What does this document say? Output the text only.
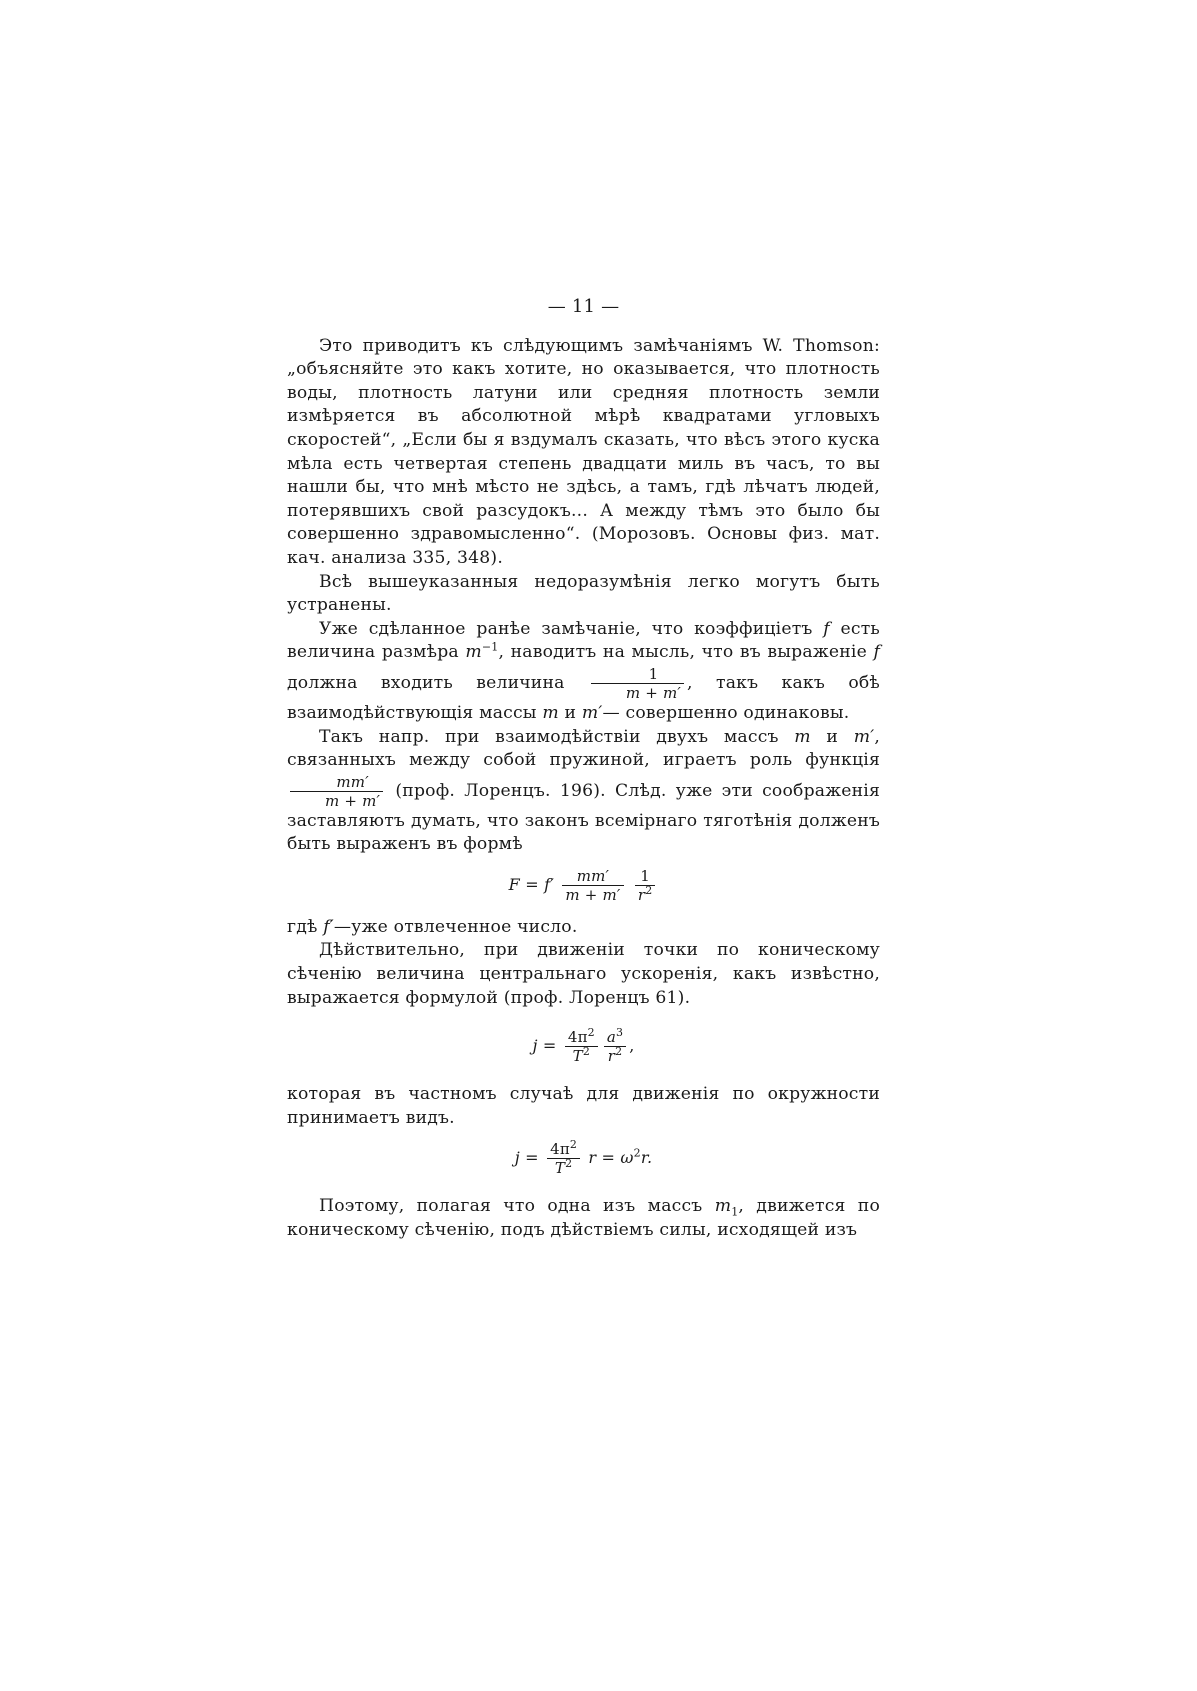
— 11 —

Это приводитъ къ слѣдующимъ замѣчаніямъ W. Thomson: „объясняйте это какъ хотите, но оказывается, что плотность воды, плотность латуни или средняя плотность земли измѣряется въ абсолютной мѣрѣ квадратами угловыхъ скоростей“, „Если бы я вздумалъ сказать, что вѣсъ этого куска мѣла есть четвертая степень двадцати миль въ часъ, то вы нашли бы, что мнѣ мѣсто не здѣсь, а тамъ, гдѣ лѣчатъ людей, потерявшихъ свой разсудокъ... А между тѣмъ это было бы совершенно здравомысленно“. (Морозовъ. Основы физ. мат. кач. анализа 335, 348).

Всѣ вышеуказанныя недоразумѣнія легко могутъ быть устранены.

Уже сдѣланное ранѣе замѣчаніе, что коэффиціетъ f есть величина размѣра $m^{-1}$, наводитъ на мысль, что въ выраженіе f должна входить величина $\frac{1}{m + m'}$ , такъ какъ обѣ взаимодѣйствующія массы m и m′— совершенно одинаковы.

Такъ напр. при взаимодѣйствіи двухъ массъ m и m′, связанныхъ между собой пружиной, играетъ роль функція
$\frac{mm'}{m + m'}$ (проф. Лоренцъ. 196). Слѣд. уже эти соображенія заставляютъ думать, что законъ всемірнаго тяготѣнія долженъ быть выраженъ въ формѣ

$F = f' \frac{mm'}{m + m'}$
$\frac{1}{r^2}$

гдѣ f′—уже отвлеченное число.

Дѣйствительно, при движеніи точки по коническому сѣченію величина центральнаго ускоренія, какъ извѣстно, выражается формулой (проф. Лоренцъ 61).

$j = \frac{4\pi^2}{T^2} \frac{a^3}{r^2}$ ,

которая въ частномъ случаѣ для движенія по окружности принимаетъ видъ.

$j = \frac{4\pi^2}{T^2}$ $r = \omega^2r$.

Поэтому, полагая что одна изъ массъ $m_1$, движется по коническому сѣченію, подъ дѣйствіемъ силы, исходящей изъ
